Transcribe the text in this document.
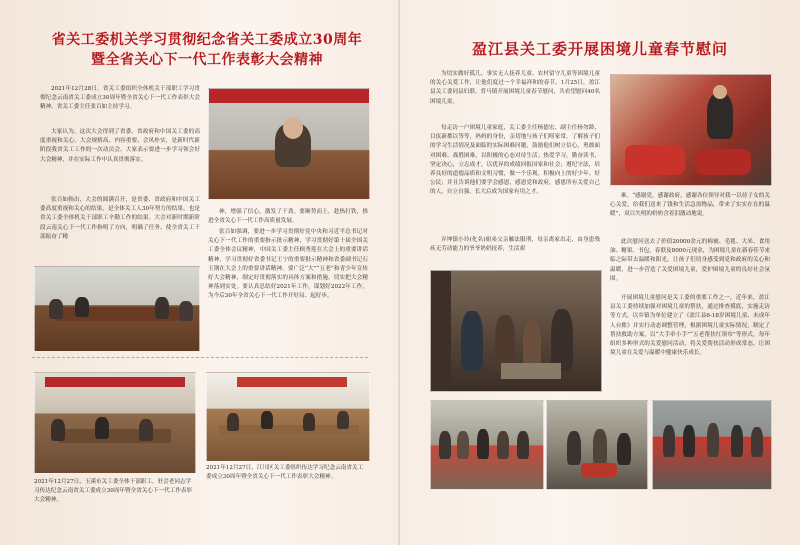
省关工委机关学习贯彻纪念省关工委成立30周年
暨全省关心下一代工作表彰大会精神
2021年12月28日，省关工委组织全体机关干部职工学习贯彻纪念云南省关工委成立30周年暨全省关心下一代工作表彰大会精神。省关工委主任张百如主持学习。
大家认为，这次大会得到了省委、省政府和中国关工委的高度重视和关心、大会规格高、内容重要、会风朴实，是新时代新阶段我省关工工作的一次动员会。大家表示要进一步学习领会好大会精神，并在实际工作中认真贯彻落实。
张百如指出，大会的圆满召开，是省委、省政府和中国关工委高度重视和关心的结果，是全体关工人30年努力的结果，也是省关工委全体机关干部职工辛勤工作的结果。大会对新时期新阶段云南关心下一代工作指明了方向，明确了任务，使全省关工干部振奋了精
神，增强了信心，激发了干劲。要顺势而上，趁热打铁，推进全省关心下一代工作高质量发展。
张百如强调，要进一步学习贯彻好党中央和习近平总书记对关心下一代工作的重要指示批示精神，学习贯彻好第十届全国关工委全体会议精神，中国关工委主任顾秀莲在大会上的重要讲话精神，学习贯彻好省委书记王宁的重要批示精神和省委副书记石玉钢在大会上的重要讲话精神，要广泛“大”“五老”和青少年宣传好大会精神，制定好贯彻落实的具体方案和措施，切实把大会精神落到实处。要认真总结好2021年工作，谋划好2022年工作，为今后30年全省关心下一代工作开好局、起好步。
2021年12月27日，玉溪市关工委全体干部职工，驻会老同志学习传达纪念云南省关工委成立30周年暨全省关心下一代工作表彰大会精神。
2021年12月27日，江川区关工委组织传达学习纪念云南省关工委成立30周年暨全省关心下一代工作表彰大会精神。
盈江县关工委开展困境儿童春节慰问
为切实做好孤儿、事实无人抚养儿童、农村留守儿童等困境儿童的关心关爱工作，让他们度过一个幸福祥和的春节，1月25日，盈江县关工委同县妇联、普马镇开展困境儿童春节慰问，共看望慰问40名困境儿童。
每走访一户困境儿童家庭，关工委主任杨德宏、副主任杨勿龄、目佤新都以等等，妈妈的身份，亲切地与孩子们唠家常，了解孩子们的学习生活情况及面临的实际困难问题，鼓励他们树立信心，勇敢面对困难、战胜困难，以积极的心态对待生活；热爱学习，勤奋读书，坚定决心，立志成才，以优异的成绩回报国家和社会；遵纪守法，培养良好的道德品质和文明习惯，做一个乐观、积极向上的好少年、好公民；并且告诉他们要学会感恩，感恩党和政府，感恩所有关爱自己的人，自立自强，长大后成为国家有用之才。
弄坤镇小玲(化名)姐弟父亲触法服刑，母亲离家出走，由身患残疾无劳动能力的爷爷奶奶抚养，生活艰
难。“感谢党，感谢政府，感谢各位领导对我一以待子女的关心关爱，给我们送来了钱和生活急需物品，带来了实实在在的温暖”，双目失明的奶奶含着泪激动地说。
此次慰问送去了价值20000余元的棉被、毛毯、大米、食用油、糖果、书包，春联及8000元现金，为困境儿童在新春佳节来临之际带去温暖和阳光，让孩子们切身感受到党和政府的关心和温暖，进一步营造了关爱困境儿童，爱护困境儿童的良好社会氛围。
开展困境儿童慰问是关工委的重要工作之一，近年来，盈江县关工委持续加强对困境儿童的帮扶，通过排查摸底，实施走访等方式，以乡镇为单位建立了《盈江县6-18岁困境儿童、未成年人台账》并实行动态调整管理，根据困境儿童实际情况，制定了帮扶救助方案，以“大手牵小手”“五老帮扶红领巾”等形式，每年组织多种形式的关爱慰问活动，将关爱帮扶活动形成常态，让困境儿童在关爱与温暖中健康快乐成长。
